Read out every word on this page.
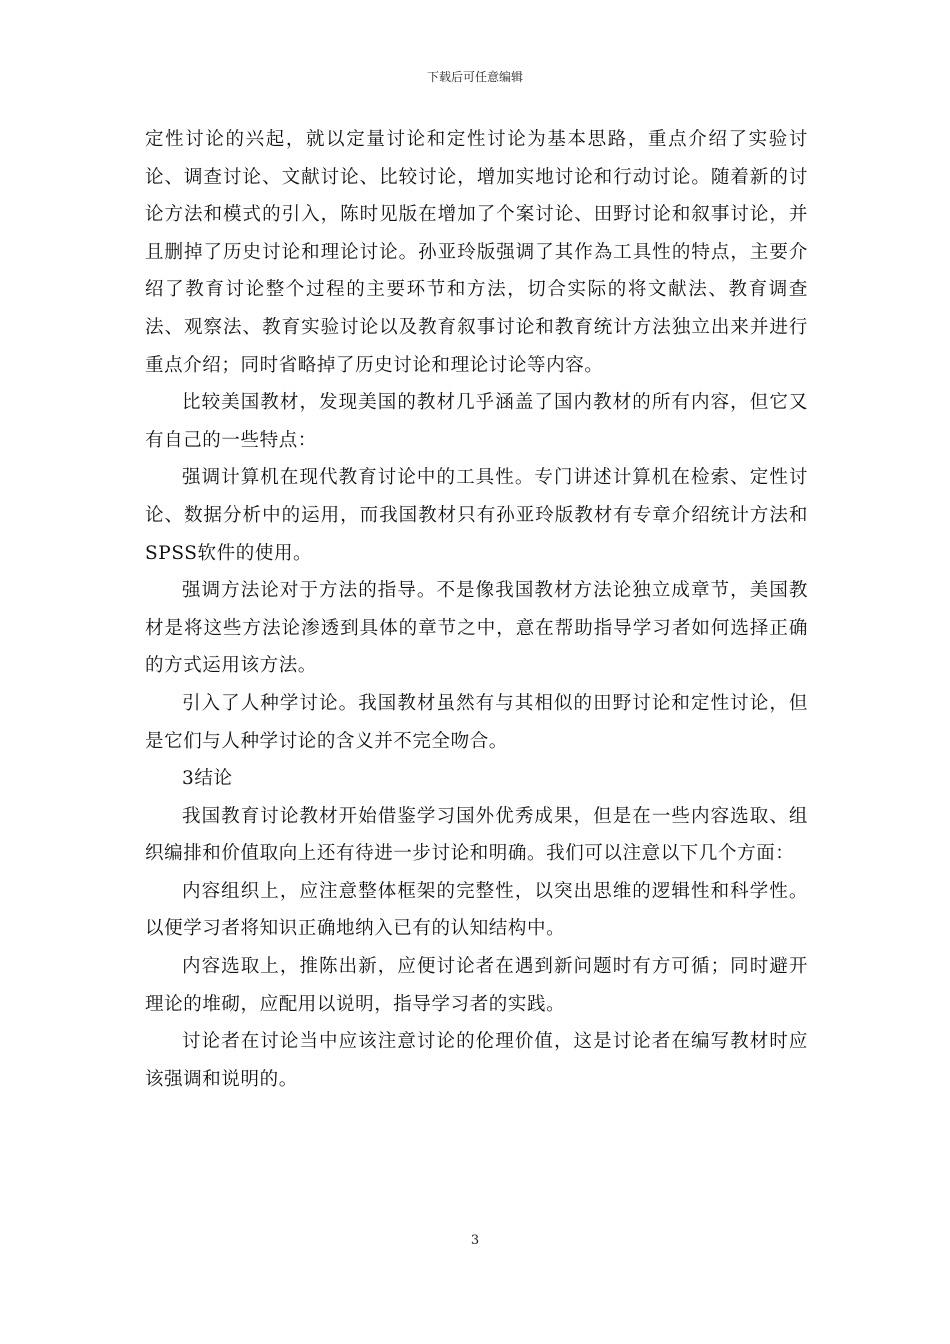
下载后可任意编辑

定性讨论的兴起，就以定量讨论和定性讨论为基本思路，重点介绍了实验讨论、调查讨论、文献讨论、比较讨论，增加实地讨论和行动讨论。随着新的讨论方法和模式的引入，陈时见版在增加了个案讨论、田野讨论和叙事讨论，并且删掉了历史讨论和理论讨论。孙亚玲版强调了其作為工具性的特点，主要介绍了教育讨论整个过程的主要环节和方法，切合实际的将文献法、教育调查法、观察法、教育实验讨论以及教育叙事讨论和教育统计方法独立出来并进行重点介绍；同时省略掉了历史讨论和理论讨论等内容。

比较美国教材，发现美国的教材几乎涵盖了国内教材的所有内容，但它又有自己的一些特点：

强调计算机在现代教育讨论中的工具性。专门讲述计算机在检索、定性讨论、数据分析中的运用，而我国教材只有孙亚玲版教材有专章介绍统计方法和SPSS软件的使用。

强调方法论对于方法的指导。不是像我国教材方法论独立成章节，美国教材是将这些方法论渗透到具体的章节之中，意在帮助指导学习者如何选择正确的方式运用该方法。

引入了人种学讨论。我国教材虽然有与其相似的田野讨论和定性讨论，但是它们与人种学讨论的含义并不完全吻合。

3结论

我国教育讨论教材开始借鉴学习国外优秀成果，但是在一些内容选取、组织编排和价值取向上还有待进一步讨论和明确。我们可以注意以下几个方面：

内容组织上，应注意整体框架的完整性，以突出思维的逻辑性和科学性。以便学习者将知识正确地纳入已有的认知结构中。

内容选取上，推陈出新，应便讨论者在遇到新问题时有方可循；同时避开理论的堆砌，应配用以说明，指导学习者的实践。

讨论者在讨论当中应该注意讨论的伦理价值，这是讨论者在编写教材时应该强调和说明的。

3
